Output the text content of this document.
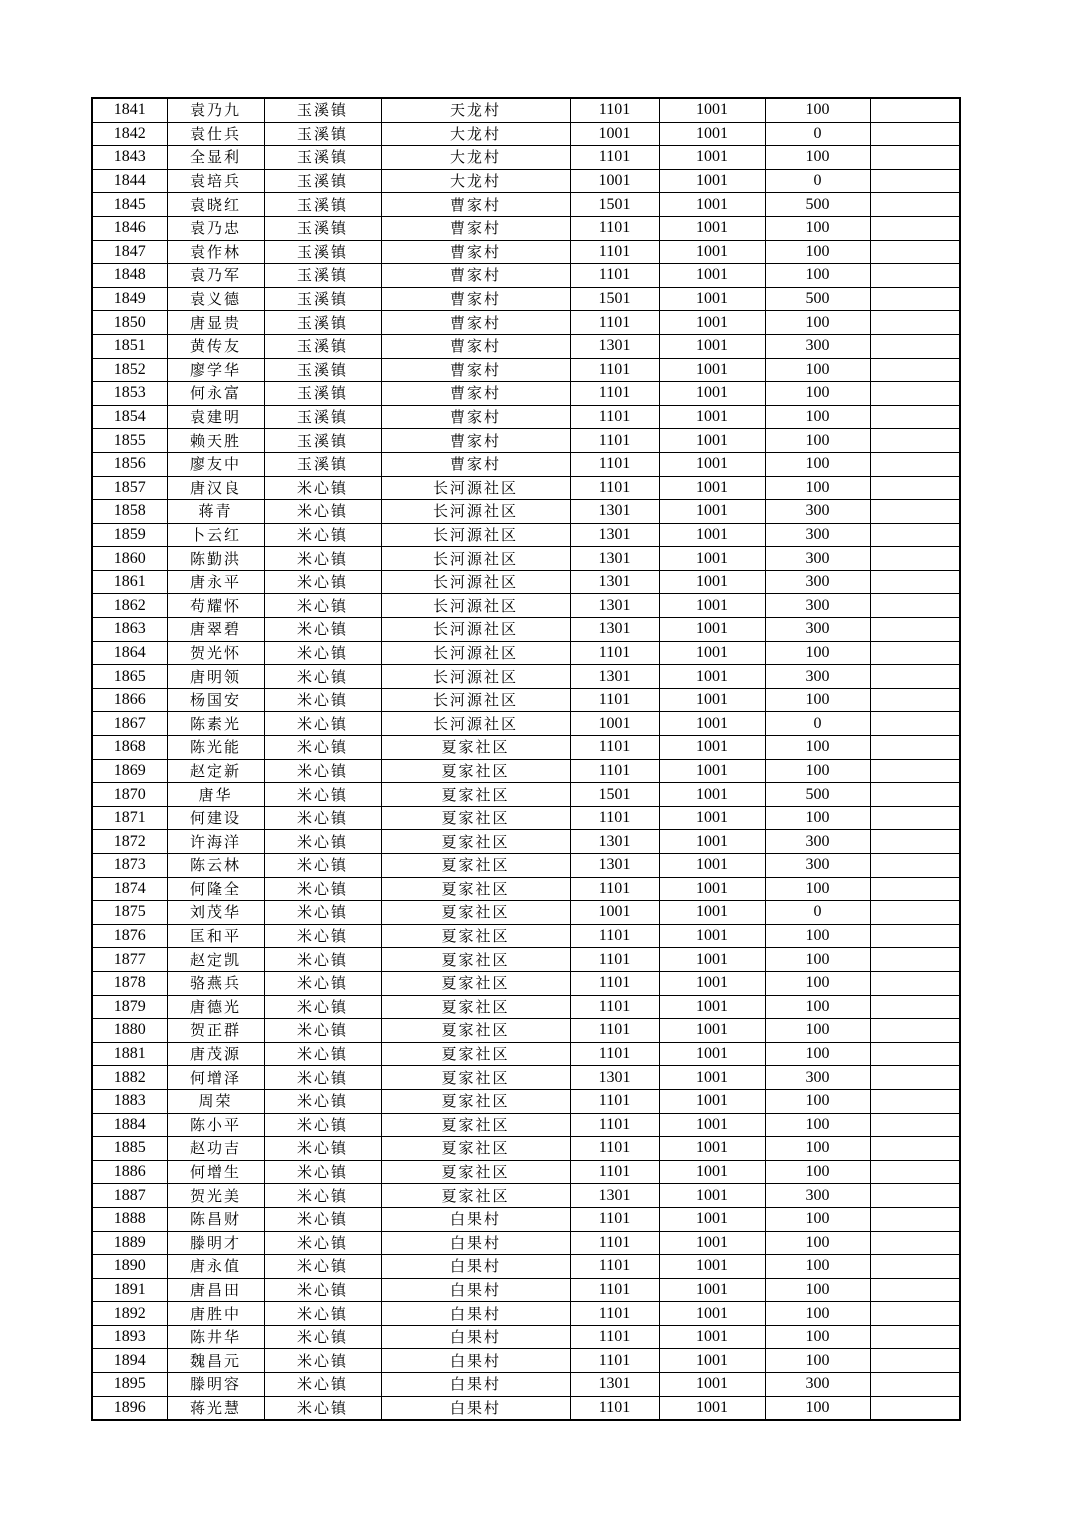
1841	袁乃九	玉溪镇	天龙村	1101	1001	100	
1842	袁仕兵	玉溪镇	大龙村	1001	1001	0	
1843	全显利	玉溪镇	大龙村	1101	1001	100	
1844	袁培兵	玉溪镇	大龙村	1001	1001	0	
1845	袁晓红	玉溪镇	曹家村	1501	1001	500	
1846	袁乃忠	玉溪镇	曹家村	1101	1001	100	
1847	袁作林	玉溪镇	曹家村	1101	1001	100	
1848	袁乃军	玉溪镇	曹家村	1101	1001	100	
1849	袁义德	玉溪镇	曹家村	1501	1001	500	
1850	唐显贵	玉溪镇	曹家村	1101	1001	100	
1851	黄传友	玉溪镇	曹家村	1301	1001	300	
1852	廖学华	玉溪镇	曹家村	1101	1001	100	
1853	何永富	玉溪镇	曹家村	1101	1001	100	
1854	袁建明	玉溪镇	曹家村	1101	1001	100	
1855	赖天胜	玉溪镇	曹家村	1101	1001	100	
1856	廖友中	玉溪镇	曹家村	1101	1001	100	
1857	唐汉良	米心镇	长河源社区	1101	1001	100	
1858	蒋青	米心镇	长河源社区	1301	1001	300	
1859	卜云红	米心镇	长河源社区	1301	1001	300	
1860	陈勤洪	米心镇	长河源社区	1301	1001	300	
1861	唐永平	米心镇	长河源社区	1301	1001	300	
1862	苟耀怀	米心镇	长河源社区	1301	1001	300	
1863	唐翠碧	米心镇	长河源社区	1301	1001	300	
1864	贺光怀	米心镇	长河源社区	1101	1001	100	
1865	唐明领	米心镇	长河源社区	1301	1001	300	
1866	杨国安	米心镇	长河源社区	1101	1001	100	
1867	陈素光	米心镇	长河源社区	1001	1001	0	
1868	陈光能	米心镇	夏家社区	1101	1001	100	
1869	赵定新	米心镇	夏家社区	1101	1001	100	
1870	唐华	米心镇	夏家社区	1501	1001	500	
1871	何建设	米心镇	夏家社区	1101	1001	100	
1872	许海洋	米心镇	夏家社区	1301	1001	300	
1873	陈云林	米心镇	夏家社区	1301	1001	300	
1874	何隆全	米心镇	夏家社区	1101	1001	100	
1875	刘茂华	米心镇	夏家社区	1001	1001	0	
1876	匡和平	米心镇	夏家社区	1101	1001	100	
1877	赵定凯	米心镇	夏家社区	1101	1001	100	
1878	骆燕兵	米心镇	夏家社区	1101	1001	100	
1879	唐德光	米心镇	夏家社区	1101	1001	100	
1880	贺正群	米心镇	夏家社区	1101	1001	100	
1881	唐茂源	米心镇	夏家社区	1101	1001	100	
1882	何增泽	米心镇	夏家社区	1301	1001	300	
1883	周荣	米心镇	夏家社区	1101	1001	100	
1884	陈小平	米心镇	夏家社区	1101	1001	100	
1885	赵功吉	米心镇	夏家社区	1101	1001	100	
1886	何增生	米心镇	夏家社区	1101	1001	100	
1887	贺光美	米心镇	夏家社区	1301	1001	300	
1888	陈昌财	米心镇	白果村	1101	1001	100	
1889	滕明才	米心镇	白果村	1101	1001	100	
1890	唐永值	米心镇	白果村	1101	1001	100	
1891	唐昌田	米心镇	白果村	1101	1001	100	
1892	唐胜中	米心镇	白果村	1101	1001	100	
1893	陈井华	米心镇	白果村	1101	1001	100	
1894	魏昌元	米心镇	白果村	1101	1001	100	
1895	滕明容	米心镇	白果村	1301	1001	300	
1896	蒋光慧	米心镇	白果村	1101	1001	100	
